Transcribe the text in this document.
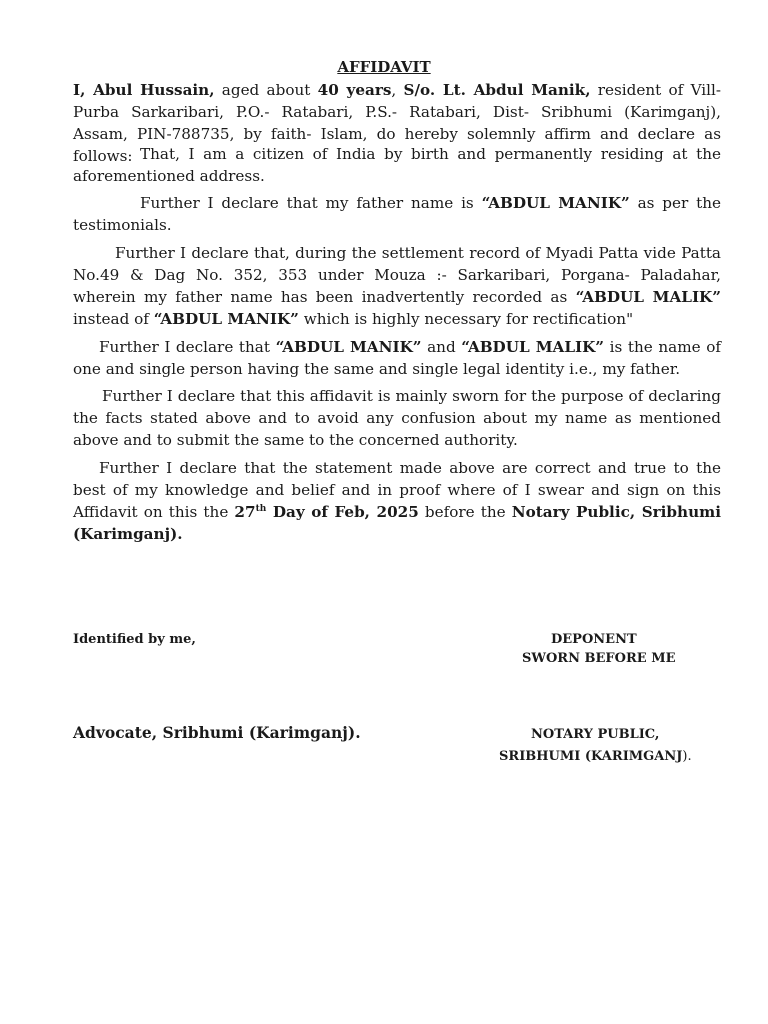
AFFIDAVIT

I, Abul Hussain, aged about 40 years, S/o. Lt. Abdul Manik, resident of Vill- Purba Sarkaribari, P.O.- Ratabari, P.S.- Ratabari, Dist- Sribhumi (Karimganj), Assam, PIN-788735, by faith- Islam, do hereby solemnly affirm and declare as follows: That, I am a citizen of India by birth and permanently residing at the aforementioned address.

Further I declare that my father name is “ABDUL MANIK” as per the testimonials.

Further I declare that, during the settlement record of Myadi Patta vide Patta No.49 & Dag No. 352, 353 under Mouza :- Sarkaribari, Porgana- Paladahar, wherein my father name has been inadvertently recorded as “ABDUL MALIK” instead of “ABDUL MANIK” which is highly necessary for rectification"

Further I declare that “ABDUL MANIK” and “ABDUL MALIK” is the name of one and single person having the same and single legal identity i.e., my father.

Further I declare that this affidavit is mainly sworn for the purpose of declaring the facts stated above and to avoid any confusion about my name as mentioned above and to submit the same to the concerned authority.

Further I declare that the statement made above are correct and true to the best of my knowledge and belief and in proof where of I swear and sign on this Affidavit on this the 27th Day of Feb, 2025 before the Notary Public, Sribhumi (Karimganj).

Identified by me,	DEPONENT
SWORN BEFORE ME
Advocate, Sribhumi (Karimganj).	NOTARY PUBLIC,
SRIBHUMI (KARIMGANJ).
